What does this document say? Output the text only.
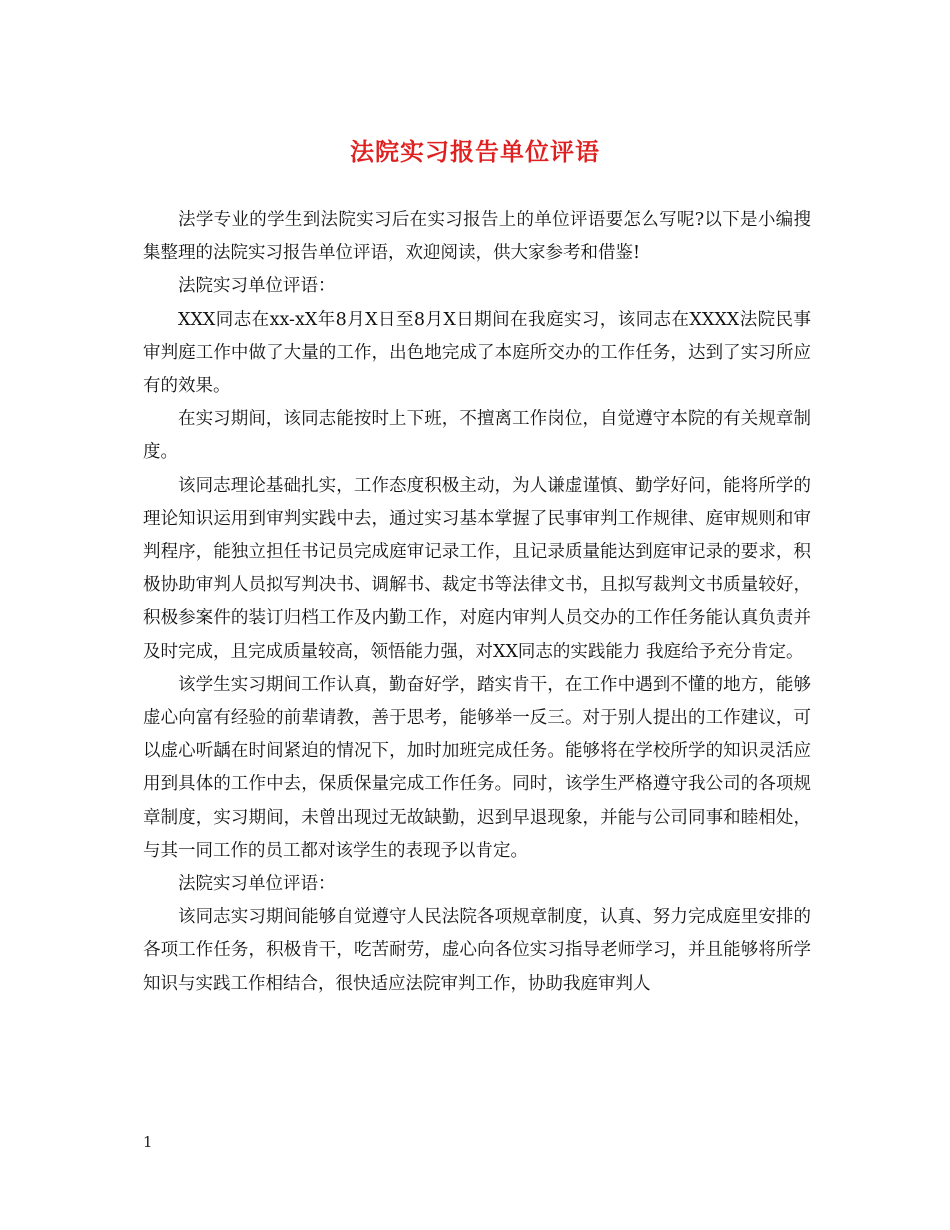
法院实习报告单位评语

法学专业的学生到法院实习后在实习报告上的单位评语要怎么写呢?以下是小编搜集整理的法院实习报告单位评语，欢迎阅读，供大家参考和借鉴!

法院实习单位评语：

XXX同志在xx-xX年8月X日至8月X日期间在我庭实习，该同志在XXXX法院民事审判庭工作中做了大量的工作，出色地完成了本庭所交办的工作任务，达到了实习所应有的效果。

在实习期间，该同志能按时上下班，不擅离工作岗位，自觉遵守本院的有关规章制度。

该同志理论基础扎实，工作态度积极主动，为人谦虚谨慎、勤学好问，能将所学的理论知识运用到审判实践中去，通过实习基本掌握了民事审判工作规律、庭审规则和审判程序，能独立担任书记员完成庭审记录工作，且记录质量能达到庭审记录的要求，积极协助审判人员拟写判决书、调解书、裁定书等法律文书，且拟写裁判文书质量较好，积极参案件的装订归档工作及内勤工作，对庭内审判人员交办的工作任务能认真负责并及时完成，且完成质量较高，领悟能力强，对XX同志的实践能力 我庭给予充分肯定。

该学生实习期间工作认真，勤奋好学，踏实肯干，在工作中遇到不懂的地方，能够虚心向富有经验的前辈请教，善于思考，能够举一反三。对于别人提出的工作建议，可以虚心听龋在时间紧迫的情况下，加时加班完成任务。能够将在学校所学的知识灵活应用到具体的工作中去，保质保量完成工作任务。同时，该学生严格遵守我公司的各项规章制度，实习期间，未曾出现过无故缺勤，迟到早退现象，并能与公司同事和睦相处，与其一同工作的员工都对该学生的表现予以肯定。

法院实习单位评语：

该同志实习期间能够自觉遵守人民法院各项规章制度，认真、努力完成庭里安排的各项工作任务，积极肯干，吃苦耐劳，虚心向各位实习指导老师学习，并且能够将所学知识与实践工作相结合，很快适应法院审判工作，协助我庭审判人

1
